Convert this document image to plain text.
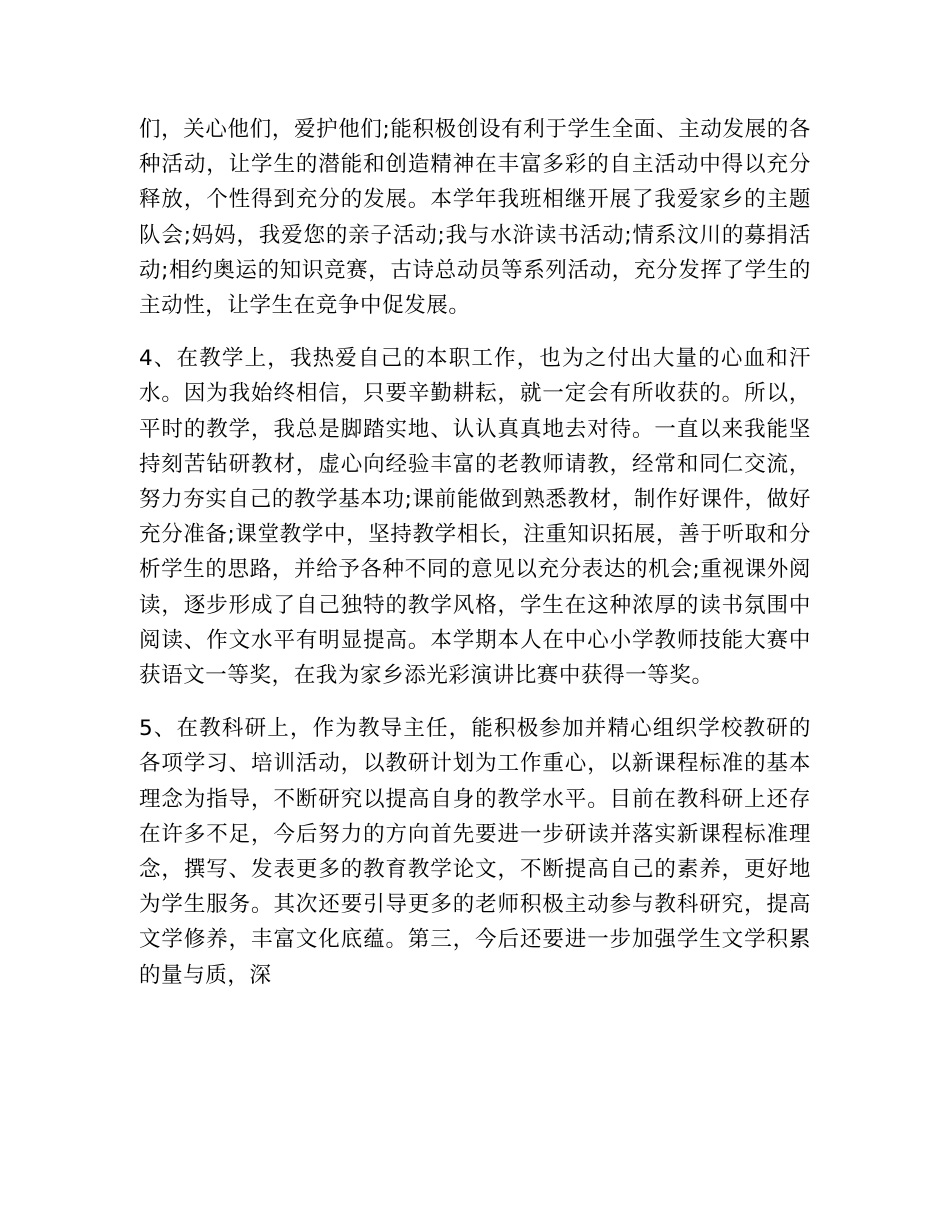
们，关心他们，爱护他们;能积极创设有利于学生全面、主动发展的各种活动，让学生的潜能和创造精神在丰富多彩的自主活动中得以充分释放，个性得到充分的发展。本学年我班相继开展了我爱家乡的主题队会;妈妈，我爱您的亲子活动;我与水浒读书活动;情系汶川的募捐活动;相约奥运的知识竞赛，古诗总动员等系列活动，充分发挥了学生的主动性，让学生在竞争中促发展。

4、在教学上，我热爱自己的本职工作，也为之付出大量的心血和汗水。因为我始终相信，只要辛勤耕耘，就一定会有所收获的。所以，平时的教学，我总是脚踏实地、认认真真地去对待。一直以来我能坚持刻苦钻研教材，虚心向经验丰富的老教师请教，经常和同仁交流，努力夯实自己的教学基本功;课前能做到熟悉教材，制作好课件，做好充分准备;课堂教学中，坚持教学相长，注重知识拓展，善于听取和分析学生的思路，并给予各种不同的意见以充分表达的机会;重视课外阅读，逐步形成了自己独特的教学风格，学生在这种浓厚的读书氛围中阅读、作文水平有明显提高。本学期本人在中心小学教师技能大赛中获语文一等奖，在我为家乡添光彩演讲比赛中获得一等奖。

5、在教科研上，作为教导主任，能积极参加并精心组织学校教研的各项学习、培训活动，以教研计划为工作重心，以新课程标准的基本理念为指导，不断研究以提高自身的教学水平。目前在教科研上还存在许多不足，今后努力的方向首先要进一步研读并落实新课程标准理念，撰写、发表更多的教育教学论文，不断提高自己的素养，更好地为学生服务。其次还要引导更多的老师积极主动参与教科研究，提高文学修养，丰富文化底蕴。第三，今后还要进一步加强学生文学积累的量与质，深
